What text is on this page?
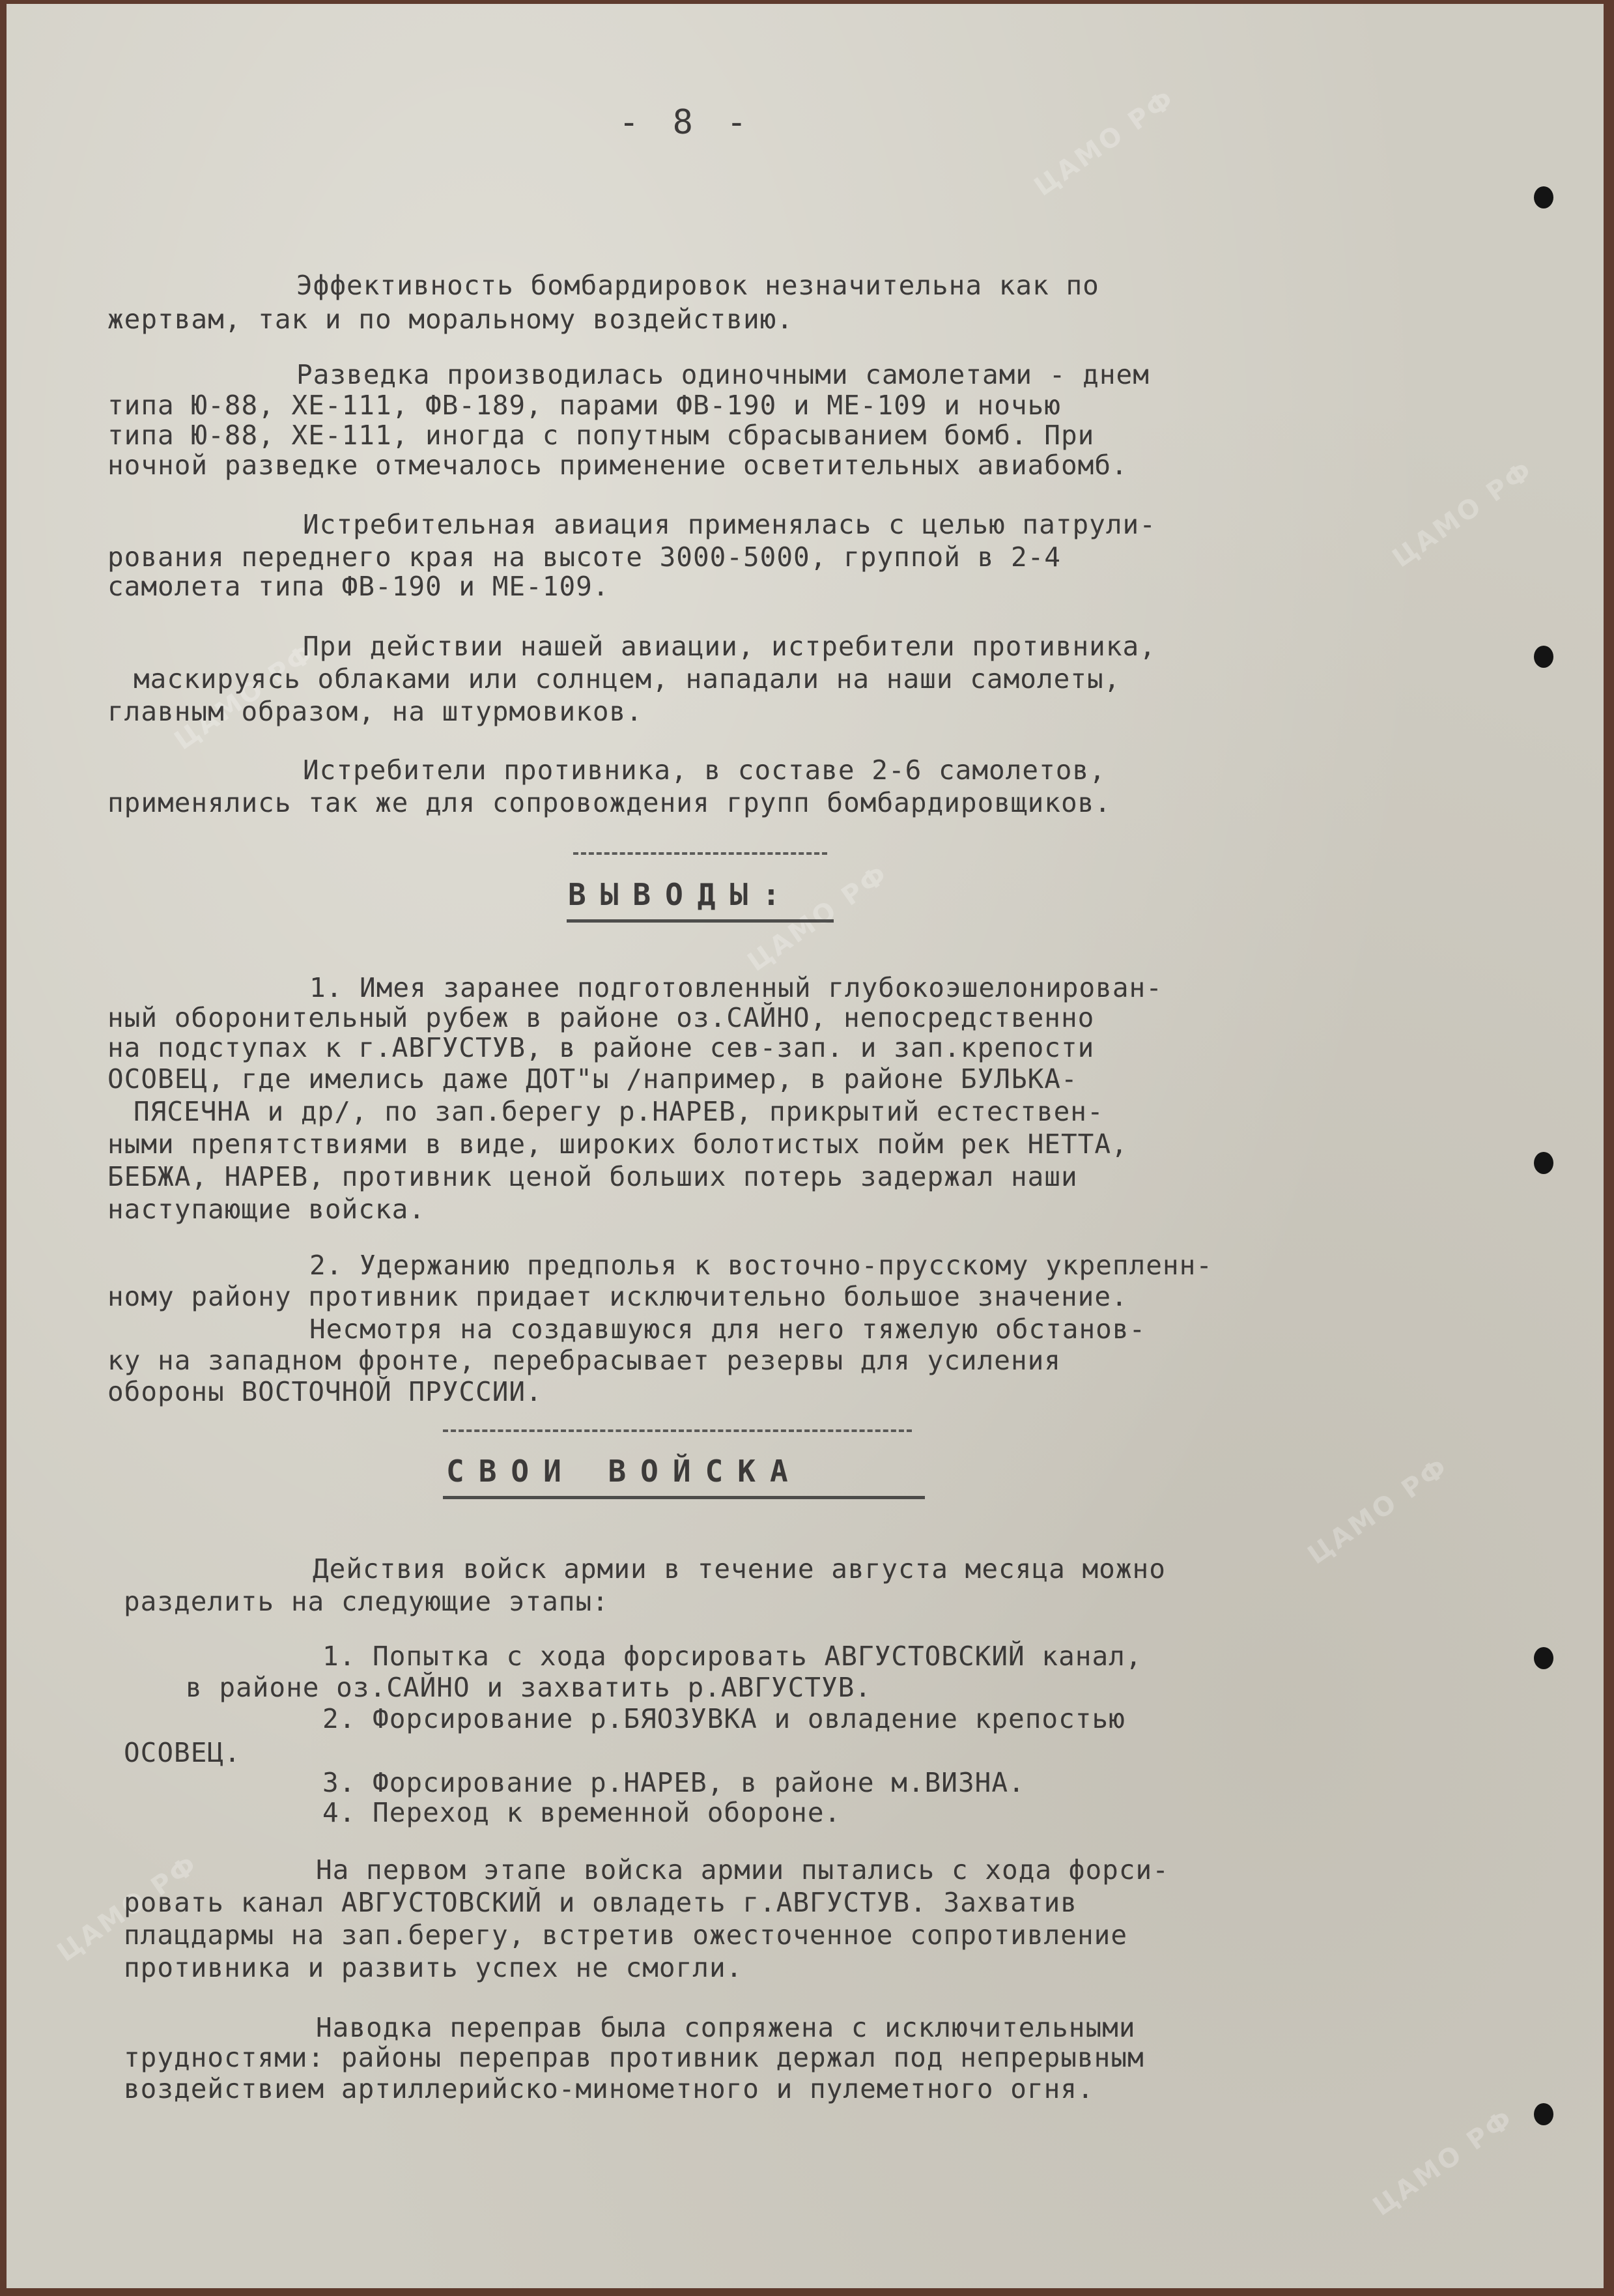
ЦАМО РФ
ЦАМО РФ
ЦАМО РФ
ЦАМО РФ
ЦАМО РФ
ЦАМО РФ
ЦАМО РФ

- 8 -

Эффективность бомбардировок незначительна как по

жертвам, так и по моральному воздействию.

Разведка производилась одиночными самолетами - днем

типа Ю-88, ХЕ-111, ФВ-189, парами ФВ-190 и МЕ-109 и ночью

типа Ю-88, ХЕ-111, иногда с попутным сбрасыванием бомб. При

ночной разведке отмечалось применение осветительных авиабомб.

Истребительная авиация применялась с целью патрули-

рования переднего края на высоте 3000-5000, группой в 2-4

самолета типа ФВ-190 и МЕ-109.

При действии нашей авиации, истребители противника,

маскируясь облаками или солнцем, нападали на наши самолеты,

главным образом, на штурмовиков.

Истребители противника, в составе 2-6 самолетов,

применялись так же для сопровождения групп бомбардировщиков.

ВЫВОДЫ:

1. Имея заранее подготовленный глубокоэшелонирован-

ный оборонительный рубеж в районе оз.САЙНО, непосредственно

на подступах к г.АВГУСТУВ, в районе сев-зап. и зап.крепости

ОСОВЕЦ, где имелись даже ДОТ"ы /например, в районе БУЛЬКА-

ПЯСЕЧНА и др/, по зап.берегу р.НАРЕВ, прикрытий естествен-

ными препятствиями в виде, широких болотистых пойм рек НЕТТА,

БЕБЖА, НАРЕВ, противник ценой больших потерь задержал наши

наступающие войска.

2. Удержанию предполья к восточно-прусскому укрепленн-

ному району противник придает исключительно большое значение.

Несмотря на создавшуюся для него тяжелую обстанов-

ку на западном фронте, перебрасывает резервы для усиления

обороны ВОСТОЧНОЙ ПРУССИИ.

СВОИ ВОЙСКА

Действия войск армии в течение августа месяца можно

разделить на следующие этапы:

1. Попытка с хода форсировать АВГУСТОВСКИЙ канал,

в районе оз.САЙНО и захватить р.АВГУСТУВ.

2. Форсирование р.БЯОЗУВКА и овладение крепостью

ОСОВЕЦ.

3. Форсирование р.НАРЕВ, в районе м.ВИЗНА.

4. Переход к временной обороне.

На первом этапе войска армии пытались с хода форси-

ровать канал АВГУСТОВСКИЙ и овладеть г.АВГУСТУВ. Захватив

плацдармы на зап.берегу, встретив ожесточенное сопротивление

противника и развить успех не смогли.

Наводка переправ была сопряжена с исключительными

трудностями: районы переправ противник держал под непрерывным

воздействием артиллерийско-минометного и пулеметного огня.
